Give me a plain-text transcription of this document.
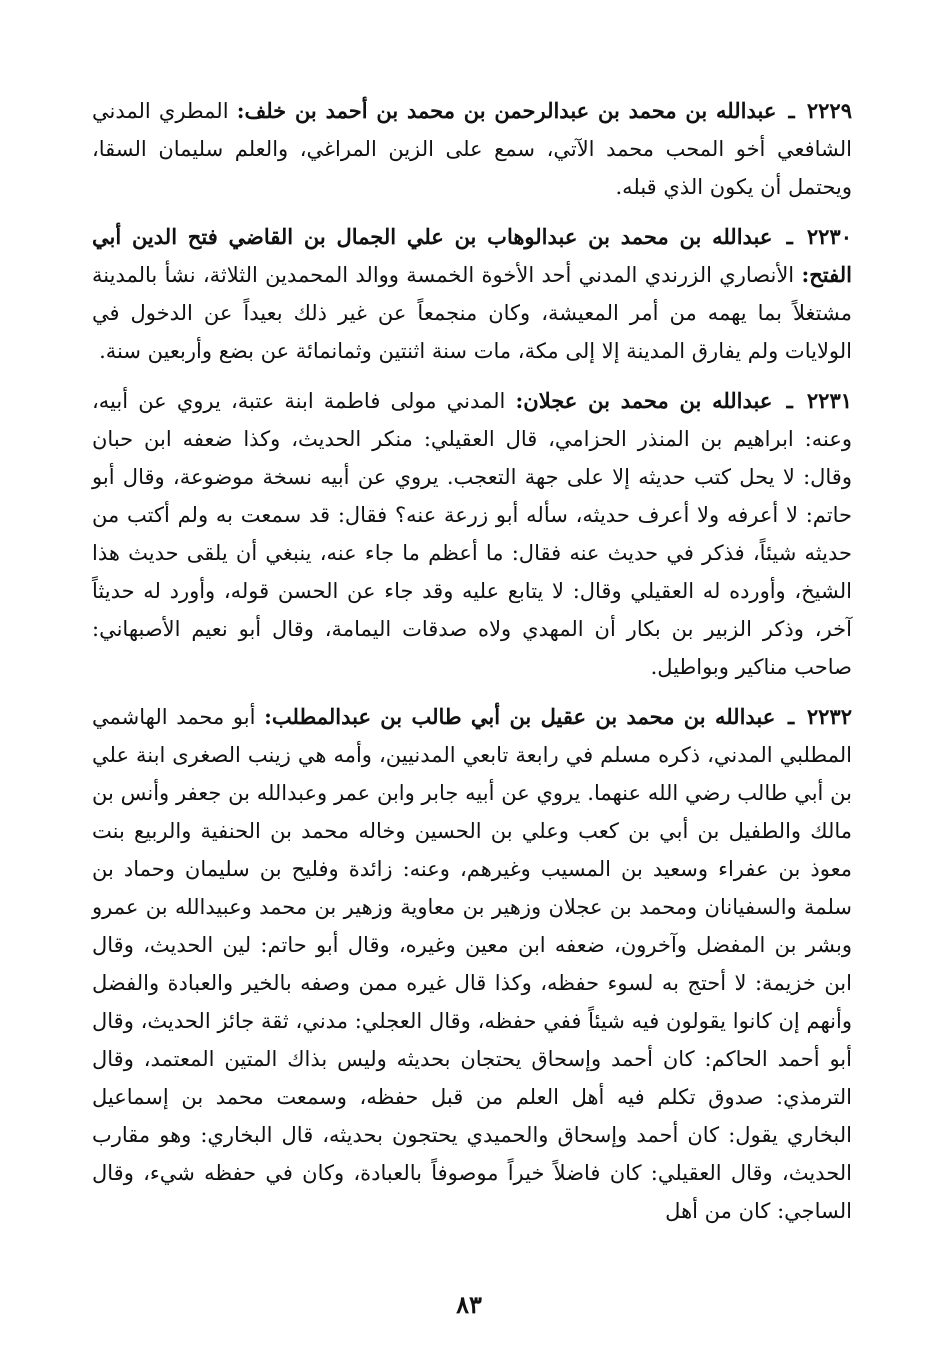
٢٢٢٩ ـ عبدالله بن محمد بن عبدالرحمن بن محمد بن أحمد بن خلف: المطري المدني الشافعي أخو المحب محمد الآتي، سمع على الزين المراغي، والعلم سليمان السقا، ويحتمل أن يكون الذي قبله.

٢٢٣٠ ـ عبدالله بن محمد بن عبدالوهاب بن علي الجمال بن القاضي فتح الدين أبي الفتح: الأنصاري الزرندي المدني أحد الأخوة الخمسة ووالد المحمدين الثلاثة، نشأ بالمدينة مشتغلاً بما يهمه من أمر المعيشة، وكان منجمعاً عن غير ذلك بعيداً عن الدخول في الولايات ولم يفارق المدينة إلا إلى مكة، مات سنة اثنتين وثمانمائة عن بضع وأربعين سنة.

٢٢٣١ ـ عبدالله بن محمد بن عجلان: المدني مولى فاطمة ابنة عتبة، يروي عن أبيه، وعنه: ابراهيم بن المنذر الحزامي، قال العقيلي: منكر الحديث، وكذا ضعفه ابن حبان وقال: لا يحل كتب حديثه إلا على جهة التعجب. يروي عن أبيه نسخة موضوعة، وقال أبو حاتم: لا أعرفه ولا أعرف حديثه، سأله أبو زرعة عنه؟ فقال: قد سمعت به ولم أكتب من حديثه شيئاً، فذكر في حديث عنه فقال: ما أعظم ما جاء عنه، ينبغي أن يلقى حديث هذا الشيخ، وأورده له العقيلي وقال: لا يتابع عليه وقد جاء عن الحسن قوله، وأورد له حديثاً آخر، وذكر الزبير بن بكار أن المهدي ولاه صدقات اليمامة، وقال أبو نعيم الأصبهاني: صاحب مناكير وبواطيل.

٢٢٣٢ ـ عبدالله بن محمد بن عقيل بن أبي طالب بن عبدالمطلب: أبو محمد الهاشمي المطلبي المدني، ذكره مسلم في رابعة تابعي المدنيين، وأمه هي زينب الصغرى ابنة علي بن أبي طالب رضي الله عنهما. يروي عن أبيه جابر وابن عمر وعبدالله بن جعفر وأنس بن مالك والطفيل بن أبي بن كعب وعلي بن الحسين وخاله محمد بن الحنفية والربيع بنت معوذ بن عفراء وسعيد بن المسيب وغيرهم، وعنه: زائدة وفليح بن سليمان وحماد بن سلمة والسفيانان ومحمد بن عجلان وزهير بن معاوية وزهير بن محمد وعبيدالله بن عمرو وبشر بن المفضل وآخرون، ضعفه ابن معين وغيره، وقال أبو حاتم: لين الحديث، وقال ابن خزيمة: لا أحتج به لسوء حفظه، وكذا قال غيره ممن وصفه بالخير والعبادة والفضل وأنهم إن كانوا يقولون فيه شيئاً ففي حفظه، وقال العجلي: مدني، ثقة جائز الحديث، وقال أبو أحمد الحاكم: كان أحمد وإسحاق يحتجان بحديثه وليس بذاك المتين المعتمد، وقال الترمذي: صدوق تكلم فيه أهل العلم من قبل حفظه، وسمعت محمد بن إسماعيل البخاري يقول: كان أحمد وإسحاق والحميدي يحتجون بحديثه، قال البخاري: وهو مقارب الحديث، وقال العقيلي: كان فاضلاً خيراً موصوفاً بالعبادة، وكان في حفظه شيء، وقال الساجي: كان من أهل

٨٣
